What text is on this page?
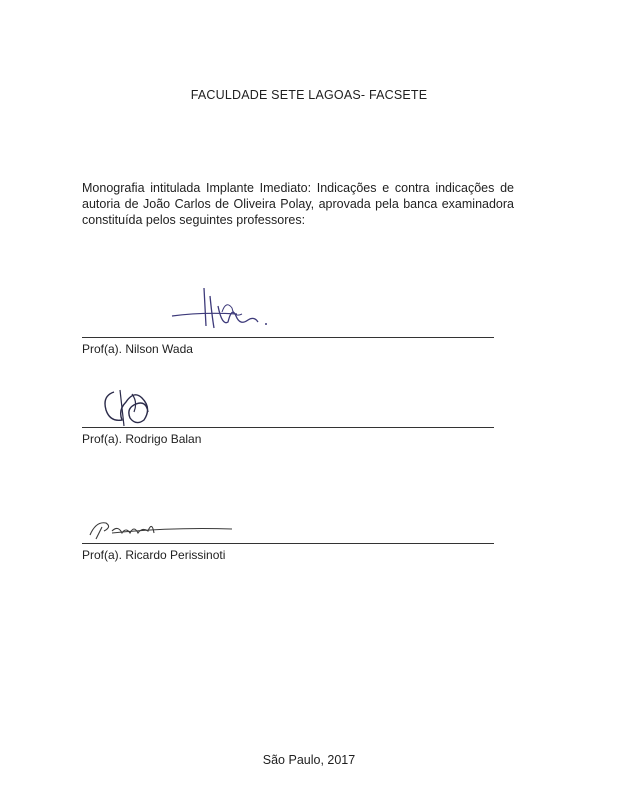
FACULDADE SETE LAGOAS- FACSETE
Monografia intitulada Implante Imediato: Indicações e contra indicações de autoria de João Carlos de Oliveira Polay, aprovada pela banca examinadora constituída pelos seguintes professores:
Prof(a). Nilson Wada
Prof(a). Rodrigo Balan
Prof(a). Ricardo Perissinoti
São Paulo, 2017
